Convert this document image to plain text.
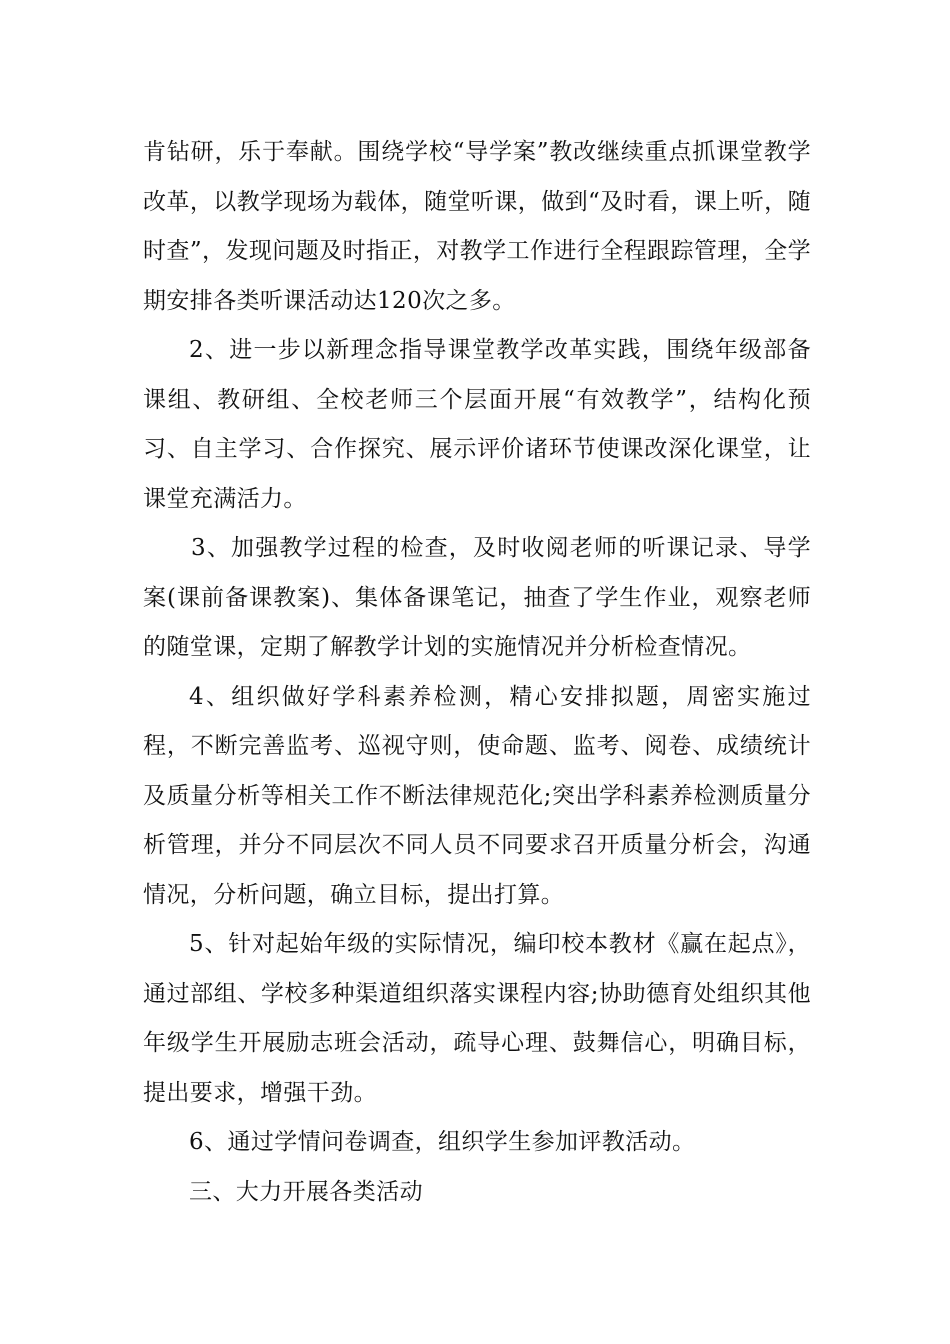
肯钻研，乐于奉献。围绕学校“导学案”教改继续重点抓课堂教学改革，以教学现场为载体，随堂听课，做到“及时看，课上听，随时查”，发现问题及时指正，对教学工作进行全程跟踪管理，全学期安排各类听课活动达120次之多。

2、进一步以新理念指导课堂教学改革实践，围绕年级部备课组、教研组、全校老师三个层面开展“有效教学”，结构化预习、自主学习、合作探究、展示评价诸环节使课改深化课堂，让课堂充满活力。

3、加强教学过程的检查，及时收阅老师的听课记录、导学案(课前备课教案)、集体备课笔记，抽查了学生作业，观察老师的随堂课，定期了解教学计划的实施情况并分析检查情况。

4、组织做好学科素养检测，精心安排拟题，周密实施过程，不断完善监考、巡视守则，使命题、监考、阅卷、成绩统计及质量分析等相关工作不断法律规范化;突出学科素养检测质量分析管理，并分不同层次不同人员不同要求召开质量分析会，沟通情况，分析问题，确立目标，提出打算。

5、针对起始年级的实际情况，编印校本教材《赢在起点》，通过部组、学校多种渠道组织落实课程内容;协助德育处组织其他年级学生开展励志班会活动，疏导心理、鼓舞信心，明确目标，提出要求，增强干劲。

6、通过学情问卷调查，组织学生参加评教活动。

三、大力开展各类活动
